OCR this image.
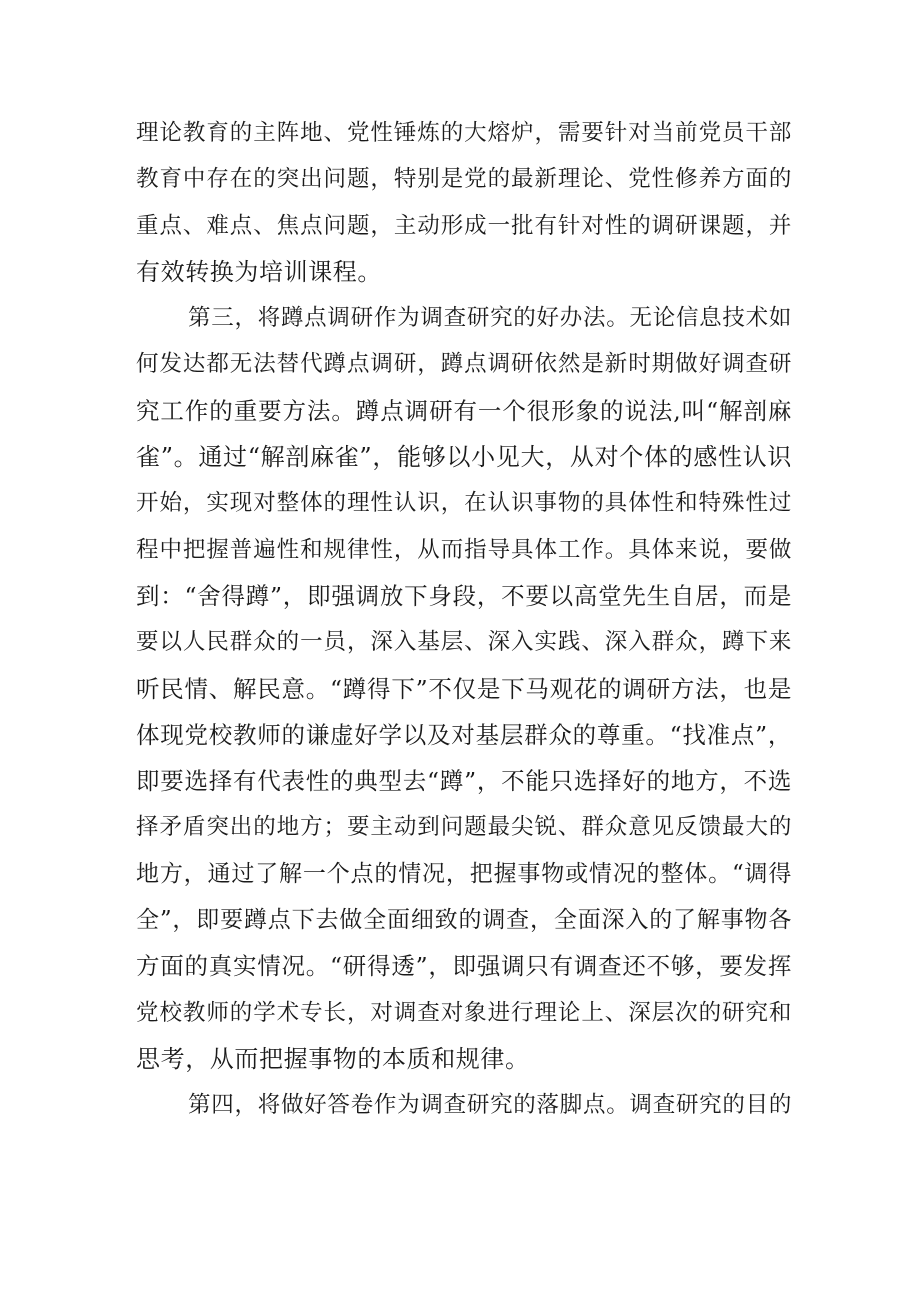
理论教育的主阵地、党性锤炼的大熔炉，需要针对当前党员干部
教育中存在的突出问题，特别是党的最新理论、党性修养方面的
重点、难点、焦点问题，主动形成一批有针对性的调研课题，并
有效转换为培训课程。
第三，将蹲点调研作为调查研究的好办法。无论信息技术如
何发达都无法替代蹲点调研，蹲点调研依然是新时期做好调查研
究工作的重要方法。蹲点调研有一个很形象的说法,叫“解剖麻
雀”。通过“解剖麻雀”，能够以小见大，从对个体的感性认识
开始，实现对整体的理性认识，在认识事物的具体性和特殊性过
程中把握普遍性和规律性，从而指导具体工作。具体来说，要做
到：“舍得蹲”，即强调放下身段，不要以高堂先生自居，而是
要以人民群众的一员，深入基层、深入实践、深入群众，蹲下来
听民情、解民意。“蹲得下”不仅是下马观花的调研方法，也是
体现党校教师的谦虚好学以及对基层群众的尊重。“找准点”，
即要选择有代表性的典型去“蹲”，不能只选择好的地方，不选
择矛盾突出的地方；要主动到问题最尖锐、群众意见反馈最大的
地方，通过了解一个点的情况，把握事物或情况的整体。“调得
全”，即要蹲点下去做全面细致的调查，全面深入的了解事物各
方面的真实情况。“研得透”，即强调只有调查还不够，要发挥
党校教师的学术专长，对调查对象进行理论上、深层次的研究和
思考，从而把握事物的本质和规律。
第四，将做好答卷作为调查研究的落脚点。调查研究的目的
